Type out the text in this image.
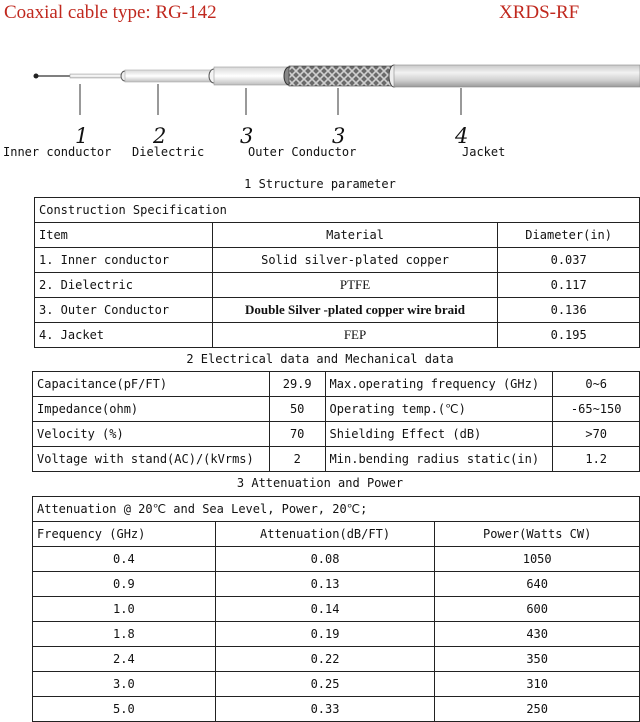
Coaxial cable type: RG-142	XRDS-RF
1	2	3	3	4
Inner conductor Dielectric	Outer Conductor	Jacket
1 Structure parameter
Construction Specification		
Item	Material	Diameter(in)
1. Inner conductor	Solid silver-plated copper	0.037
2. Dielectric	PTFE	0.117
3. Outer Conductor	Double Silver -plated copper wire braid	0.136
4. Jacket	FEP	0.195
2 Electrical data and Mechanical data
Capacitance(pF/FT)	29.9	Max.operating frequency (GHz)	0~6
Impedance(ohm)	50	Operating temp.(℃)	-65~150
Velocity (%)	70	Shielding Effect (dB)	>70
Voltage with stand(AC)/(kVrms)	2	Min.bending radius static(in)	1.2
3 Attenuation and Power
Attenuation @ 20℃ and Sea Level, Power, 20℃;		
Frequency (GHz)	Attenuation(dB/FT)	Power(Watts CW)
0.4	0.08	1050
0.9	0.13	640
1.0	0.14	600
1.8	0.19	430
2.4	0.22	350
3.0	0.25	310
5.0	0.33	250
